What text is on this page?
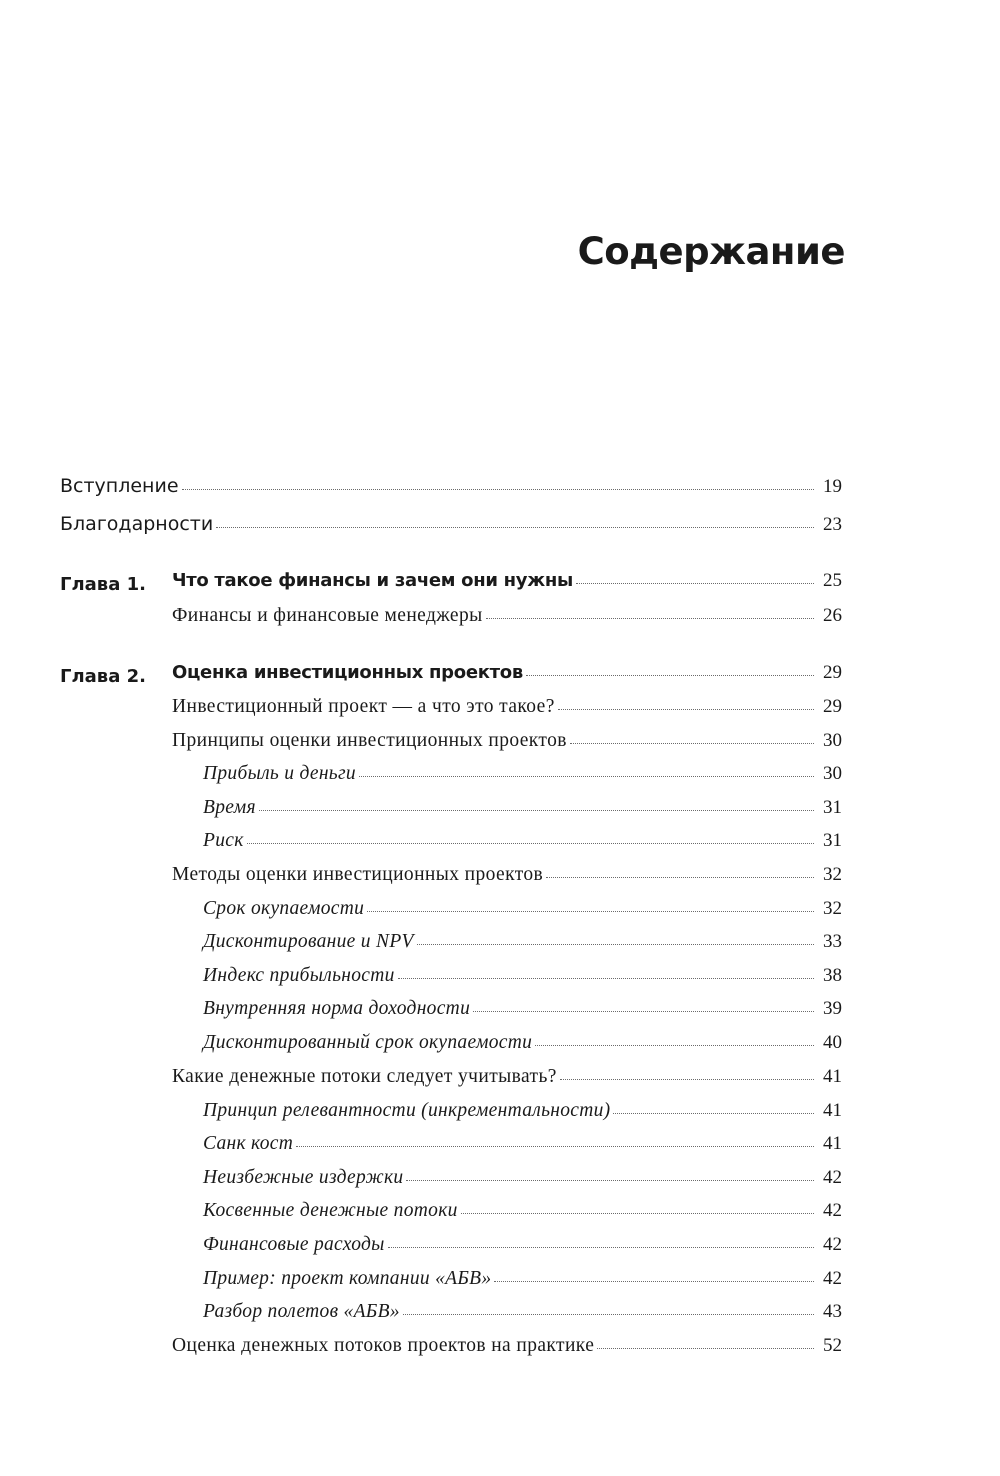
Содержание
Вступление	19
Благодарности	23
Глава 1. Что такое финансы и зачем они нужны	25
Финансы и финансовые менеджеры	26
Глава 2. Оценка инвестиционных проектов	29
Инвестиционный проект — а что это такое?	29
Принципы оценки инвестиционных проектов	30
Прибыль и деньги	30
Время	31
Риск	31
Методы оценки инвестиционных проектов	32
Срок окупаемости	32
Дисконтирование и NPV	33
Индекс прибыльности	38
Внутренняя норма доходности	39
Дисконтированный срок окупаемости	40
Какие денежные потоки следует учитывать?	41
Принцип релевантности (инкрементальности)	41
Санк кост	41
Неизбежные издержки	42
Косвенные денежные потоки	42
Финансовые расходы	42
Пример: проект компании «АБВ»	42
Разбор полетов «АБВ»	43
Оценка денежных потоков проектов на практике	52
